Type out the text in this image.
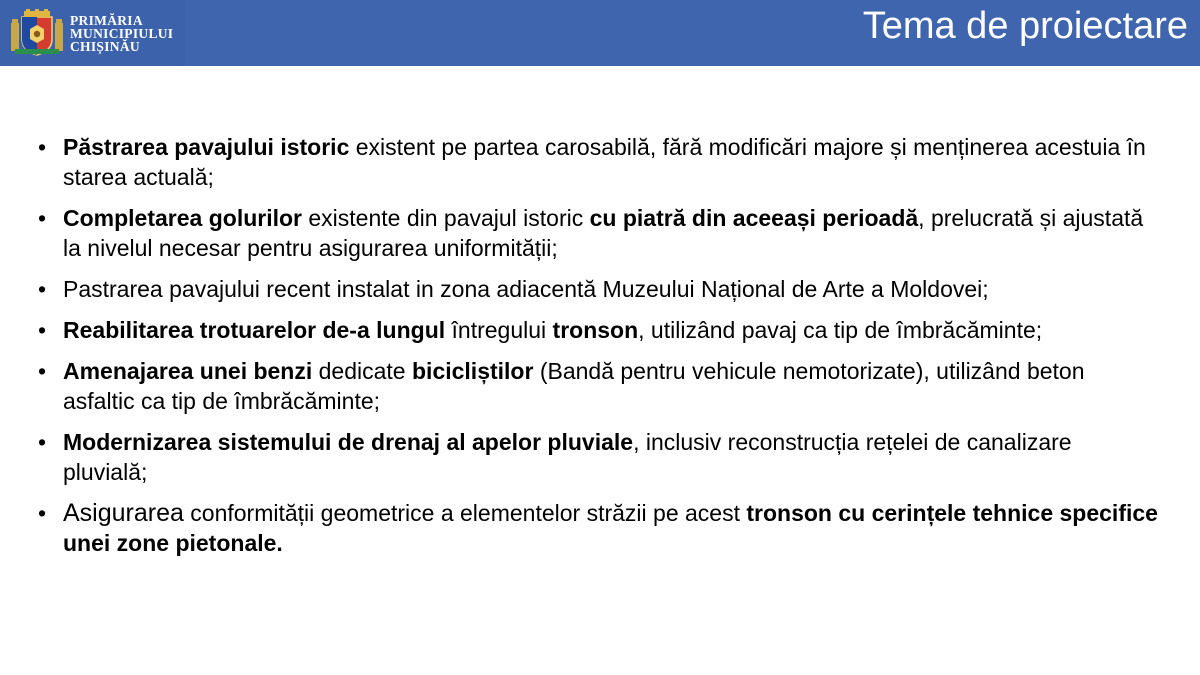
PRIMĂRIA
MUNICIPIULUI
CHIȘINĂU	Tema de proiectare
• Păstrarea pavajului istoric existent pe partea carosabilă, fără modificări majore și menținerea acestuia în starea actuală;
• Completarea golurilor existente din pavajul istoric cu piatră din aceeași perioadă, prelucrată și ajustată la nivelul necesar pentru asigurarea uniformității;
• Pastrarea pavajului recent instalat in zona adiacentă Muzeului Național de Arte a Moldovei;
• Reabilitarea trotuarelor de-a lungul întregului tronson, utilizând pavaj ca tip de îmbrăcăminte;
• Amenajarea unei benzi dedicate bicicliștilor (Bandă pentru vehicule nemotorizate), utilizând beton asfaltic ca tip de îmbrăcăminte;
• Modernizarea sistemului de drenaj al apelor pluviale, inclusiv reconstrucția rețelei de canalizare pluvială;
• Asigurarea conformității geometrice a elementelor străzii pe acest tronson cu cerințele tehnice specifice unei zone pietonale.
